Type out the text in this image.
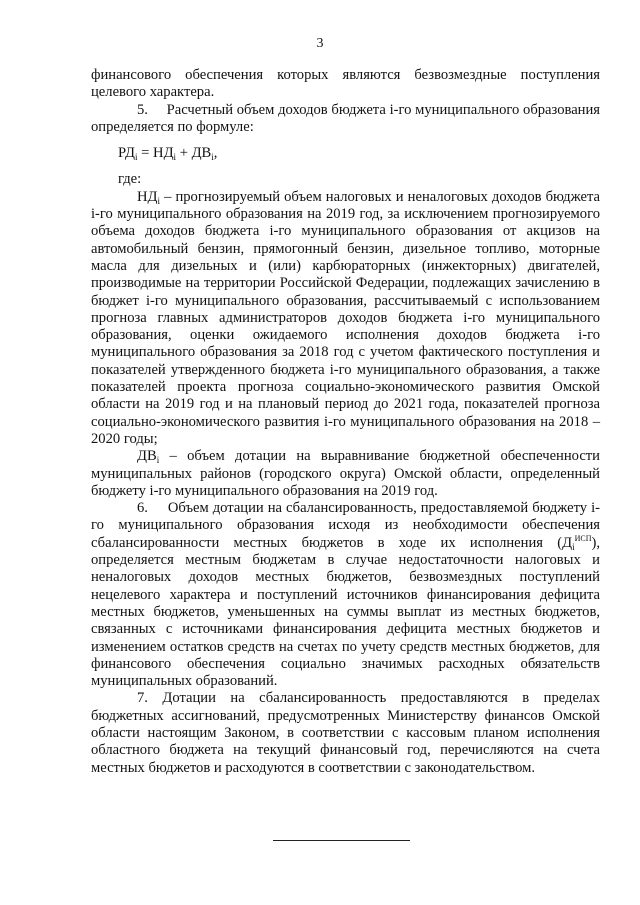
3

финансового обеспечения которых являются безвозмездные поступления целевого характера.

5.     Расчетный объем доходов бюджета i-го муниципального образования определяется по формуле:

$РД_i = НД_i + ДВ_i$,

где:

$НД_i$ – прогнозируемый объем налоговых и неналоговых доходов бюджета i-го муниципального образования на 2019 год, за исключением прогнозируемого объема доходов бюджета i-го муниципального образования от акцизов на автомобильный бензин, прямогонный бензин, дизельное топливо, моторные масла для дизельных и (или) карбюраторных (инжекторных) двигателей, производимые на территории Российской Федерации, подлежащих зачислению в бюджет i-го муниципального образования, рассчитываемый с использованием прогноза главных администраторов доходов бюджета i-го муниципального образования, оценки ожидаемого исполнения доходов бюджета i-го муниципального образования за 2018 год с учетом фактического поступления и показателей утвержденного бюджета i-го муниципального образования, а также показателей проекта прогноза социально-экономического развития Омской области на 2019 год и на плановый период до 2021 года, показателей прогноза социально-экономического развития i-го муниципального образования на 2018 – 2020 годы;

$ДВ_i$ – объем дотации на выравнивание бюджетной обеспеченности муниципальных районов (городского округа) Омской области, определенный бюджету i-го муниципального образования на 2019 год.

6.     Объем дотации на сбалансированность, предоставляемой бюджету i-го муниципального образования исходя из необходимости обеспечения сбалансированности местных бюджетов в ходе их исполнения $(Д_i^{ИСП})$, определяется местным бюджетам в случае недостаточности налоговых и неналоговых доходов местных бюджетов, безвозмездных поступлений нецелевого характера и поступлений источников финансирования дефицита местных бюджетов, уменьшенных на суммы выплат из местных бюджетов, связанных с источниками финансирования дефицита местных бюджетов и изменением остатков средств на счетах по учету средств местных бюджетов, для финансового обеспечения социально значимых расходных обязательств муниципальных образований.

7. Дотации на сбалансированность предоставляются в пределах бюджетных ассигнований, предусмотренных Министерству финансов Омской области настоящим Законом, в соответствии с кассовым планом исполнения областного бюджета на текущий финансовый год, перечисляются на счета местных бюджетов и расходуются в соответствии с законодательством.
